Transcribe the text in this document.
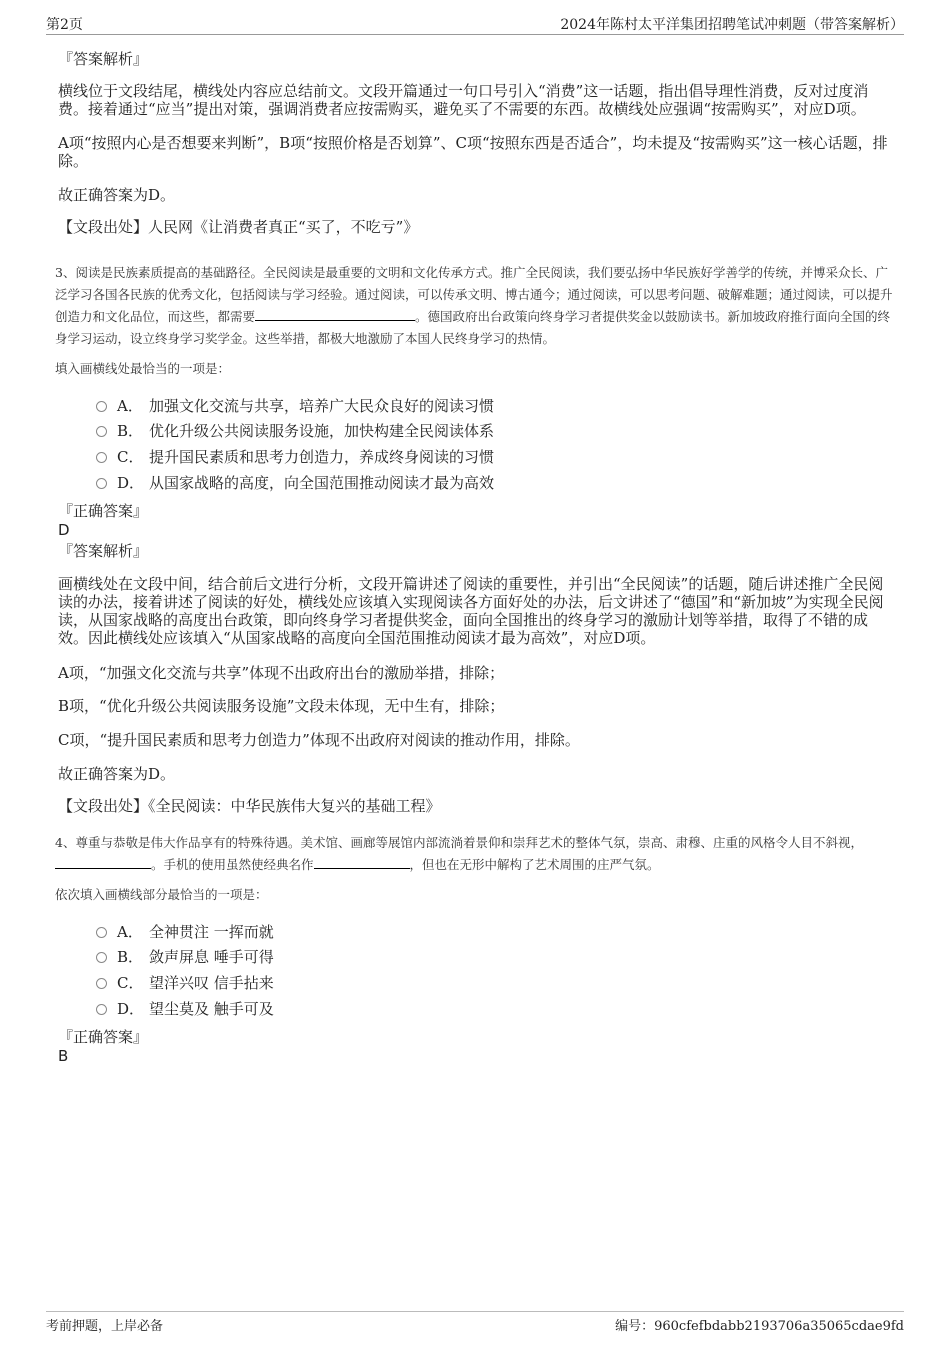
第2页	2024年陈村太平洋集团招聘笔试冲刺题（带答案解析）
『答案解析』
横线位于文段结尾，横线处内容应总结前文。文段开篇通过一句口号引入“消费”这一话题，指出倡导理性消费，反对过度消费。接着通过“应当”提出对策，强调消费者应按需购买，避免买了不需要的东西。故横线处应强调“按需购买”，对应D项。
A项“按照内心是否想要来判断”，B项“按照价格是否划算”、C项“按照东西是否适合”，均未提及“按需购买”这一核心话题，排除。
故正确答案为D。
【文段出处】人民网《让消费者真正“买了，不吃亏”》
3、阅读是民族素质提高的基础路径。全民阅读是最重要的文明和文化传承方式。推广全民阅读，我们要弘扬中华民族好学善学的传统，并博采众长、广泛学习各国各民族的优秀文化，包括阅读与学习经验。通过阅读，可以传承文明、博古通今；通过阅读，可以思考问题、破解难题；通过阅读，可以提升创造力和文化品位，而这些，都需要	。德国政府出台政策向终身学习者提供奖金以鼓励读书。新加坡政府推行面向全国的终身学习运动，设立终身学习奖学金。这些举措，都极大地激励了本国人民终身学习的热情。
填入画横线处最恰当的一项是：
A． 加强文化交流与共享，培养广大民众良好的阅读习惯
B． 优化升级公共阅读服务设施，加快构建全民阅读体系
C． 提升国民素质和思考力创造力，养成终身阅读的习惯
D． 从国家战略的高度，向全国范围推动阅读才最为高效
『正确答案』
D
『答案解析』
画横线处在文段中间，结合前后文进行分析，文段开篇讲述了阅读的重要性，并引出“全民阅读”的话题，随后讲述推广全民阅读的办法，接着讲述了阅读的好处，横线处应该填入实现阅读各方面好处的办法，后文讲述了“德国”和“新加坡”为实现全民阅读，从国家战略的高度出台政策，即向终身学习者提供奖金，面向全国推出的终身学习的激励计划等举措，取得了不错的成效。因此横线处应该填入“从国家战略的高度向全国范围推动阅读才最为高效”，对应D项。
A项，“加强文化交流与共享”体现不出政府出台的激励举措，排除；
B项，“优化升级公共阅读服务设施”文段未体现，无中生有，排除；
C项，“提升国民素质和思考力创造力”体现不出政府对阅读的推动作用，排除。
故正确答案为D。
【文段出处】《全民阅读：中华民族伟大复兴的基础工程》
4、尊重与恭敬是伟大作品享有的特殊待遇。美术馆、画廊等展馆内部流淌着景仰和崇拜艺术的整体气氛，崇高、肃穆、庄重的风格令人目不斜视，。手机的使用虽然使经典名作	，但也在无形中解构了艺术周围的庄严气氛。
依次填入画横线部分最恰当的一项是：
A． 全神贯注 一挥而就
B． 敛声屏息 唾手可得
C． 望洋兴叹 信手拈来
D． 望尘莫及 触手可及
『正确答案』
B
考前押题，上岸必备	编号：960cfefbdabb2193706a35065cdae9fd
